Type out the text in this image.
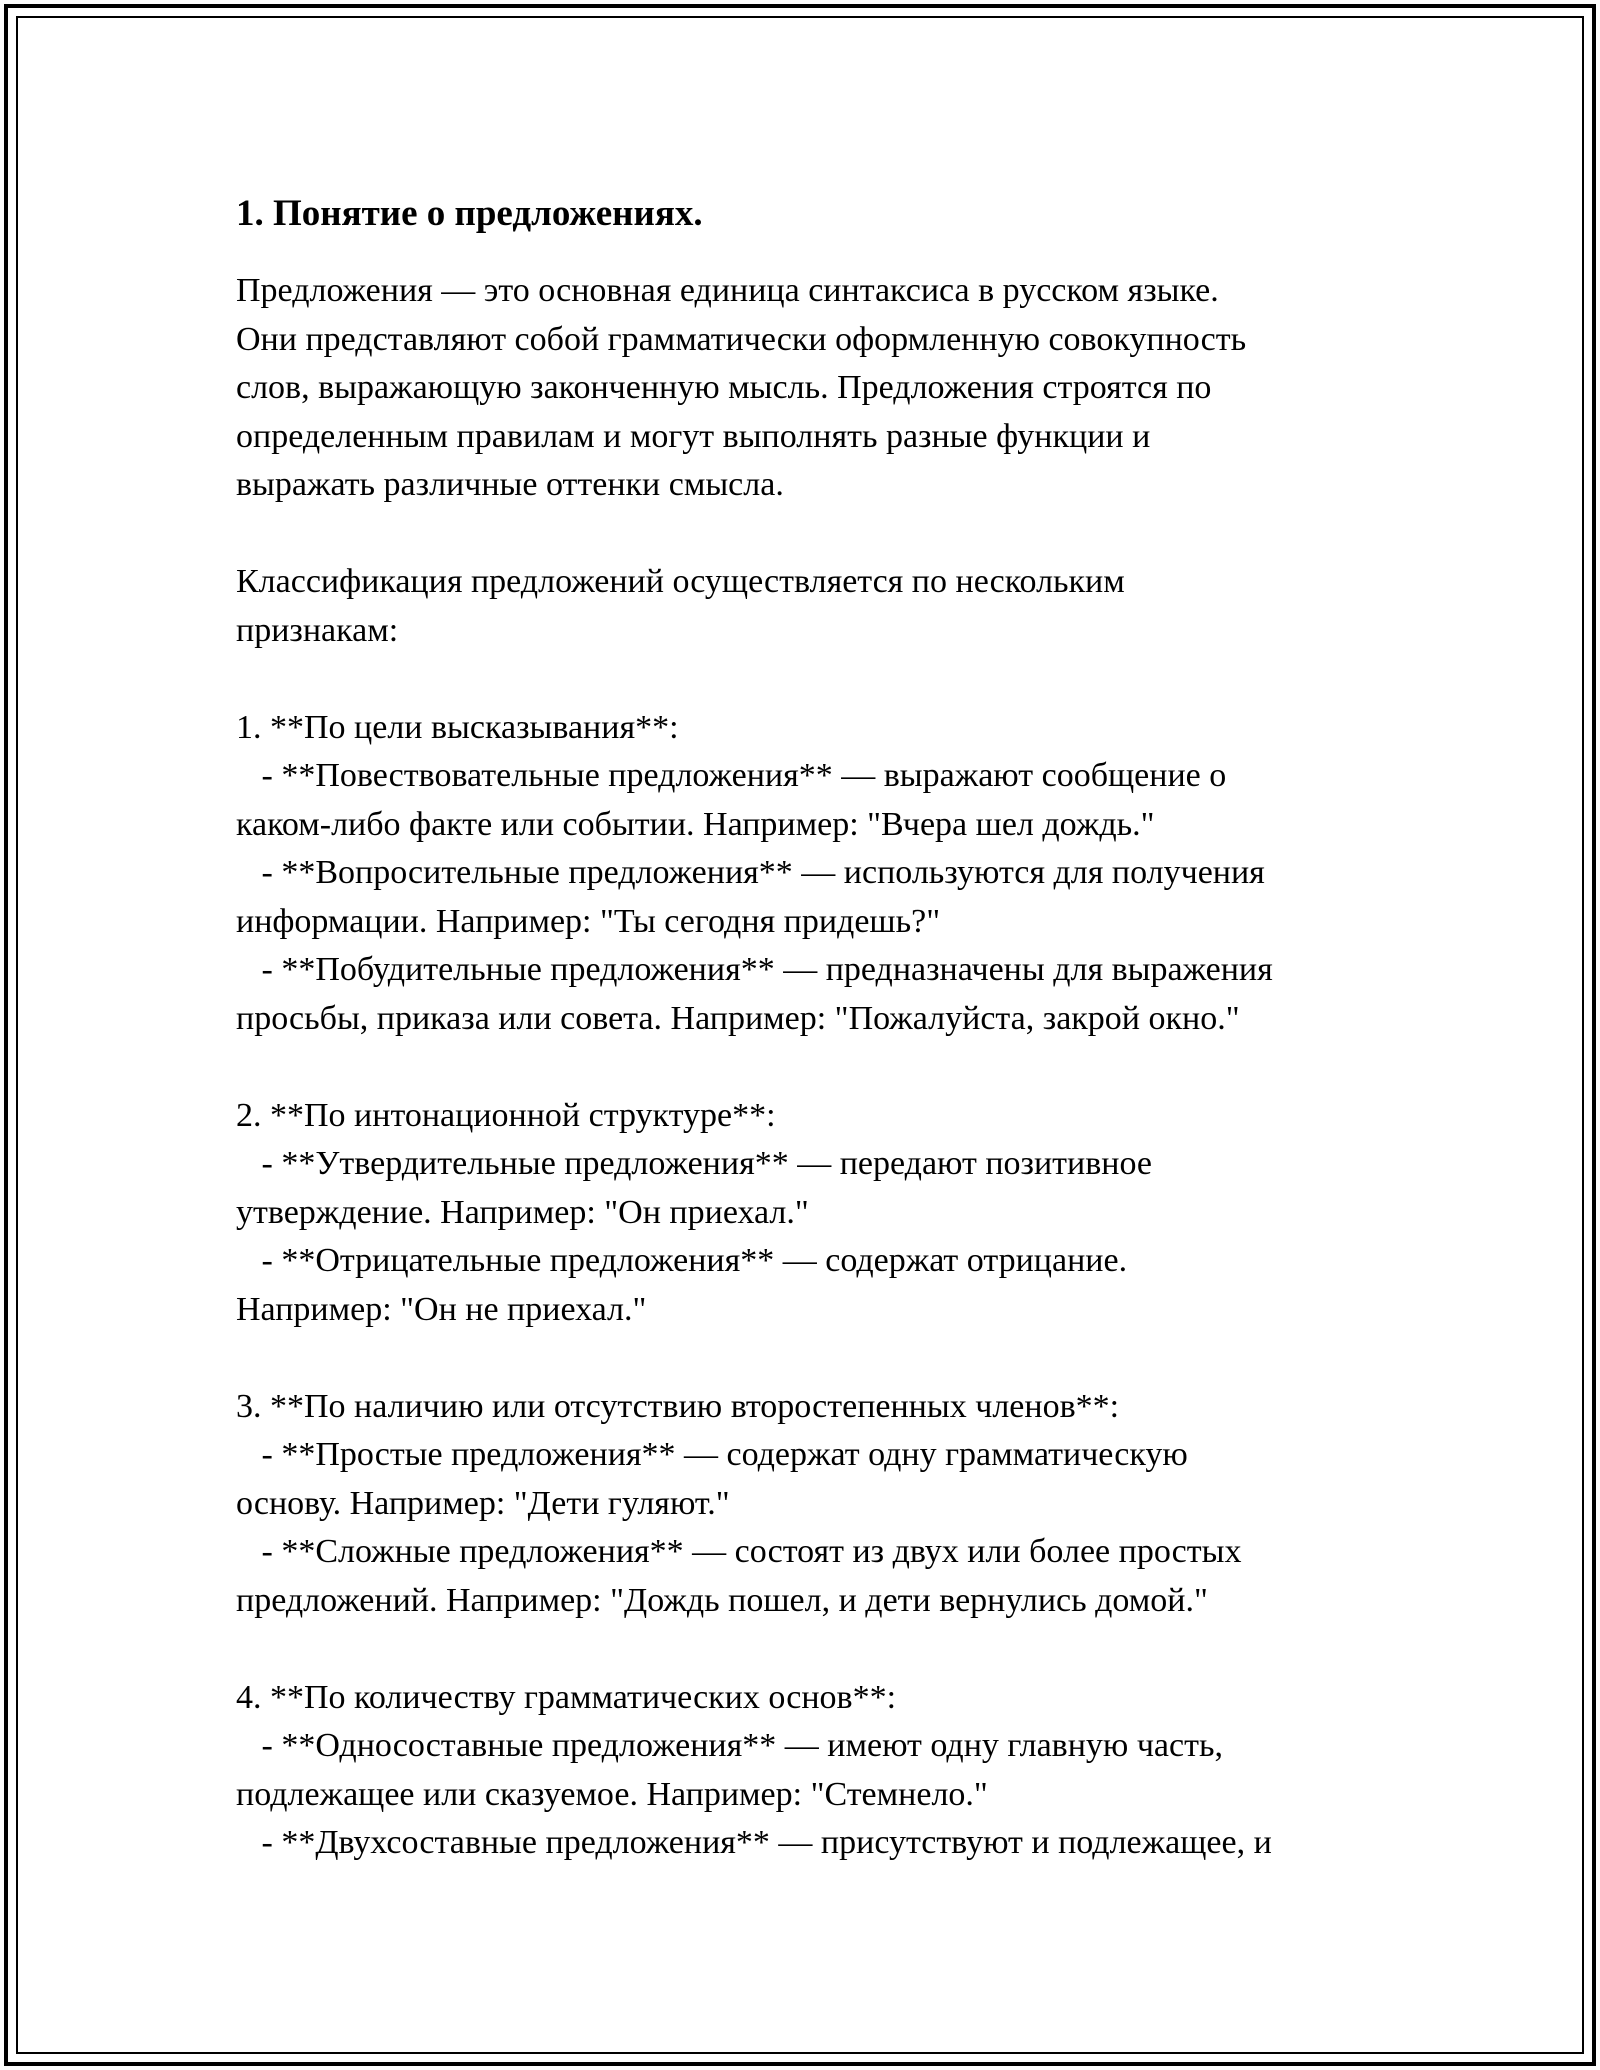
1. Понятие о предложениях.
Предложения — это основная единица синтаксиса в русском языке.
Они представляют собой грамматически оформленную совокупность
слов, выражающую законченную мысль. Предложения строятся по
определенным правилам и могут выполнять разные функции и
выражать различные оттенки смысла.
Классификация предложений осуществляется по нескольким
признакам:
1. **По цели высказывания**:
- **Повествовательные предложения** — выражают сообщение о
каком-либо факте или событии. Например: "Вчера шел дождь."
- **Вопросительные предложения** — используются для получения
информации. Например: "Ты сегодня придешь?"
- **Побудительные предложения** — предназначены для выражения
просьбы, приказа или совета. Например: "Пожалуйста, закрой окно."
2. **По интонационной структуре**:
- **Утвердительные предложения** — передают позитивное
утверждение. Например: "Он приехал."
- **Отрицательные предложения** — содержат отрицание.
Например: "Он не приехал."
3. **По наличию или отсутствию второстепенных членов**:
- **Простые предложения** — содержат одну грамматическую
основу. Например: "Дети гуляют."
- **Сложные предложения** — состоят из двух или более простых
предложений. Например: "Дождь пошел, и дети вернулись домой."
4. **По количеству грамматических основ**:
- **Односоставные предложения** — имеют одну главную часть,
подлежащее или сказуемое. Например: "Стемнело."
- **Двухсоставные предложения** — присутствуют и подлежащее, и
